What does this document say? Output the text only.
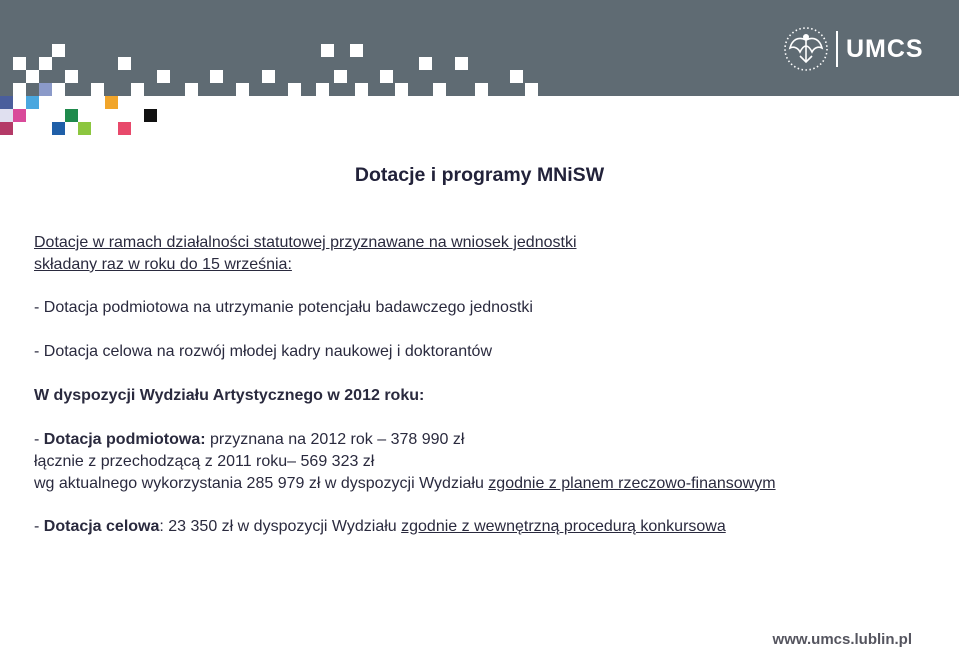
UMCS
Dotacje i programy MNiSW
Dotacje w ramach działalności statutowej przyznawane na wniosek jednostki
składany raz w roku do 15 września:
- Dotacja podmiotowa na utrzymanie potencjału badawczego jednostki
- Dotacja celowa na rozwój młodej kadry naukowej i doktorantów
W dyspozycji Wydziału Artystycznego w 2012 roku:
- Dotacja podmiotowa: przyznana na 2012 rok – 378 990 zł
łącznie z przechodzącą z 2011 roku– 569 323 zł
wg aktualnego wykorzystania 285 979 zł w dyspozycji Wydziału zgodnie z planem rzeczowo-finansowym
- Dotacja celowa: 23 350 zł w dyspozycji Wydziału zgodnie z wewnętrzną procedurą konkursowa
www.umcs.lublin.pl
